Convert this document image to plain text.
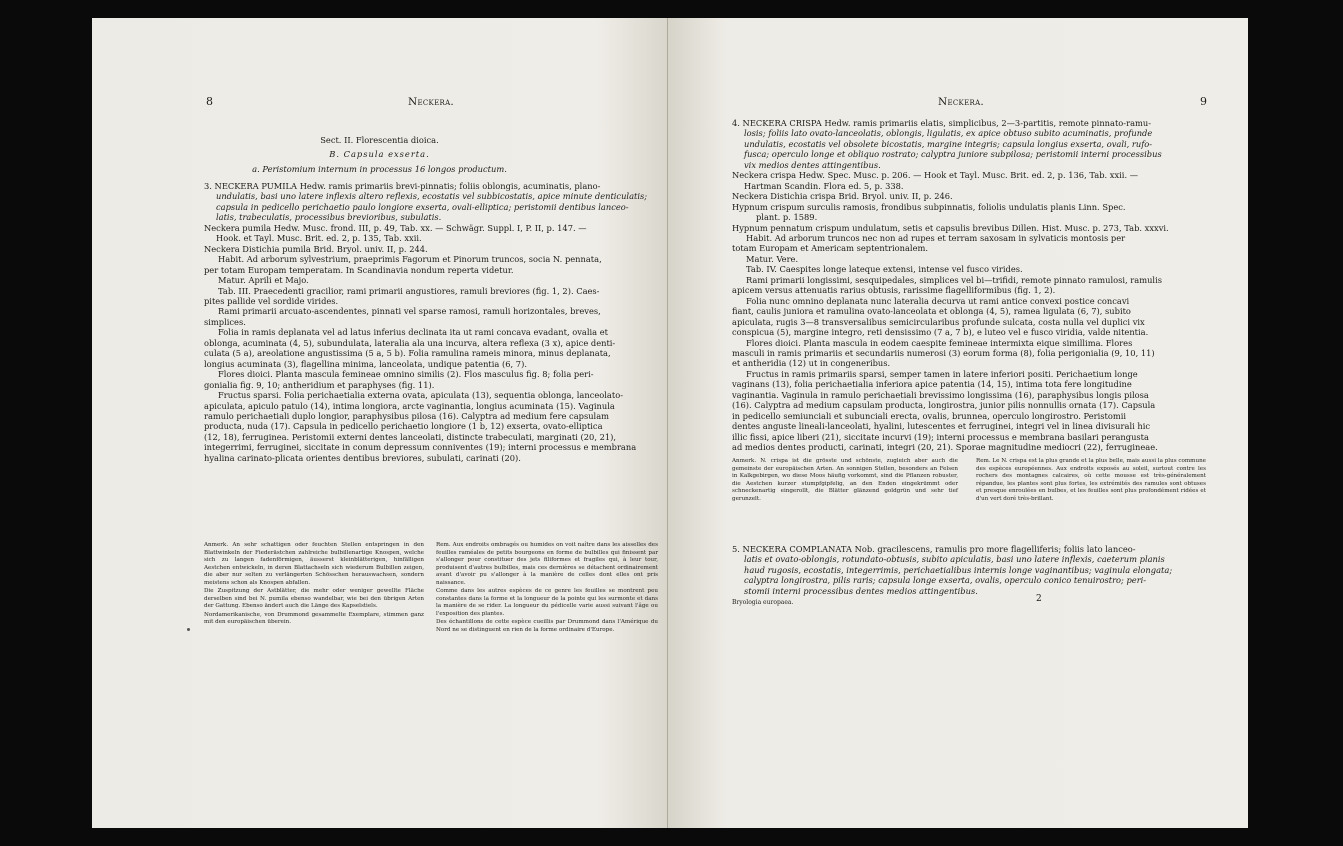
8	Neckera.
Sect. II. Florescentia dioica.
B. Capsula exserta.
a. Peristomium internum in processus 16 longos productum.

3. NECKERA PUMILA Hedw. ramis primariis brevi-pinnatis; foliis oblongis, acuminatis, plano-

undulatis, basi uno latere inflexis altero reflexis, ecostatis vel subbicostatis, apice minute denticulatis;

capsula in pedicello perichaetio paulo longiore exserta, ovali-elliptica; peristomii dentibus lanceo-

latis, trabeculatis, processibus brevioribus, subulatis.

Neckera pumila Hedw. Musc. frond. III, p. 49, Tab. xx. — Schwägr. Suppl. I, P. II, p. 147. —

Hook. et Tayl. Musc. Brit. ed. 2, p. 135, Tab. xxii.

Neckera Distichia pumila Brid. Bryol. univ. II, p. 244.

Habit. Ad arborum sylvestrium, praeprimis Fagorum et Pinorum truncos, socia N. pennata,

per totam Europam temperatam. In Scandinavia nondum reperta videtur.

Matur. Aprili et Majo.

Tab. III. Praecedenti gracilior, rami primarii angustiores, ramuli breviores (fig. 1, 2). Caes-

pites pallide vel sordide virides.

Rami primarii arcuato-ascendentes, pinnati vel sparse ramosi, ramuli horizontales, breves,

simplices.

Folia in ramis deplanata vel ad latus inferius declinata ita ut rami concava evadant, ovalia et

oblonga, acuminata (4, 5), subundulata, lateralia ala una incurva, altera reflexa (3 x), apice denti-

culata (5 a), areolatione angustissima (5 a, 5 b). Folia ramulina rameis minora, minus deplanata,

longius acuminata (3), flagellina minima, lanceolata, undique patentia (6, 7).

Flores dioici. Planta mascula femineae omnino similis (2). Flos masculus fig. 8; folia peri-

gonialia fig. 9, 10; antheridium et paraphyses (fig. 11).

Fructus sparsi. Folia perichaetialia externa ovata, apiculata (13), sequentia oblonga, lanceolato-

apiculata, apiculo patulo (14), intima longiora, arcte vaginantia, longius acuminata (15). Vaginula

ramulo perichaetiali duplo longior, paraphysibus pilosa (16). Calyptra ad medium fere capsulam

producta, nuda (17). Capsula in pedicello perichaetio longiore (1 b, 12) exserta, ovato-elliptica

(12, 18), ferruginea. Peristomii externi dentes lanceolati, distincte trabeculati, marginati (20, 21),

integerrimi, ferruginei, siccitate in conum depressum conniventes (19); interni processus e membrana

hyalina carinato-plicata orientes dentibus breviores, subulati, carinati (20).

Anmerk. An sehr schattigen oder feuchten Stellen entspringen in den Blattwinkeln der Fiederästchen zahlreiche bulbillenartige Knospen, welche sich zu langen fadenförmigen, äusserst kleinblätterigen, hinfälligen Aestchen entwickeln, in deren Blattachseln sich wiederum Bulbillen zeigen, die aber nur selten zu verlängerten Schösschen herauswachsen, sondern meistens schon als Knospen abfallen.

Die Zuspitzung der Astblätter, die mehr oder weniger gewellte Fläche derselben sind bei N. pumila ebenso wandelbar, wie bei den übrigen Arten der Gattung. Ebenso ändert auch die Länge des Kapselstiels.

Nordamerikanische, von Drummond gesammelte Exemplare, stimmen ganz mit den europäischen überein.

Rem. Aux endroits ombragés ou humides on voit naître dans les aisselles des feuilles raméales de petits bourgeons en forme de bulbilles qui finissent par s'allonger pour constituer des jets filiformes et fragiles qui, à leur tour, produisent d'autres bulbilles, mais ces dernières se détachent ordinairement avant d'avoir pu s'allonger à la manière de celles dont elles ont pris naissance.

Comme dans les autres espèces de ce genre les feuilles se montrent peu constantes dans la forme et la longueur de la pointe qui les surmonte et dans la manière de se rider. La longueur du pédicelle varie aussi suivant l'âge ou l'exposition des plantes.

Des échantillons de cette espèce cueillis par Drummond dans l'Amérique du Nord ne se distinguent en rien de la forme ordinaire d'Europe.

9
Neckera.

4. NECKERA CRISPA Hedw. ramis primariis elatis, simplicibus, 2—3-partitis, remote pinnato-ramu-

losis; foliis lato ovato-lanceolatis, oblongis, ligulatis, ex apice obtuso subito acuminatis, profunde

undulatis, ecostatis vel obsolete bicostatis, margine integris; capsula longius exserta, ovali, rufo-

fusca; operculo longe et obliquo rostrato; calyptra juniore subpilosa; peristomii interni processibus

vix medios dentes attingentibus.

Neckera crispa Hedw. Spec. Musc. p. 206. — Hook et Tayl. Musc. Brit. ed. 2, p. 136, Tab. xxii. —

Hartman Scandin. Flora ed. 5, p. 338.

Neckera Distichia crispa Brid. Bryol. univ. II, p. 246.

Hypnum crispum surculis ramosis, frondibus subpinnatis, foliolis undulatis planis Linn. Spec.

plant. p. 1589.

Hypnum pennatum crispum undulatum, setis et capsulis brevibus Dillen. Hist. Musc. p. 273, Tab. xxxvi.

Habit. Ad arborum truncos nec non ad rupes et terram saxosam in sylvaticis montosis per

totam Europam et Americam septentrionalem.

Matur. Vere.

Tab. IV. Caespites longe lateque extensi, intense vel fusco virides.

Rami primarii longissimi, sesquipedales, simplices vel bi—trifidi, remote pinnato ramulosi, ramulis

apicem versus attenuatis rarius obtusis, rarissime flagelliformibus (fig. 1, 2).

Folia nunc omnino deplanata nunc lateralia decurva ut rami antice convexi postice concavi

fiant, caulis juniora et ramulina ovato-lanceolata et oblonga (4, 5), ramea ligulata (6, 7), subito

apiculata, rugis 3—8 transversalibus semicircularibus profunde sulcata, costa nulla vel duplici vix

conspicua (5), margine integro, reti densissimo (7 a, 7 b), e luteo vel e fusco viridia, valde nitentia.

Flores dioici. Planta mascula in eodem caespite femineae intermixta eique simillima. Flores

masculi in ramis primariis et secundariis numerosi (3) eorum forma (8), folia perigonialia (9, 10, 11)

et antheridia (12) ut in congeneribus.

Fructus in ramis primariis sparsi, semper tamen in latere inferiori positi. Perichaetium longe

vaginans (13), folia perichaetialia inferiora apice patentia (14, 15), intima tota fere longitudine

vaginantia. Vaginula in ramulo perichaetiali brevissimo longissima (16), paraphysibus longis pilosa

(16). Calyptra ad medium capsulam producta, longirostra, junior pilis nonnullis ornata (17). Capsula

in pedicello semiunciali et subunciali erecta, ovalis, brunnea, operculo longirostro. Peristomii

dentes anguste lineali-lanceolati, hyalini, lutescentes et ferruginei, integri vel in linea divisurali hic

illic fissi, apice liberi (21), siccitate incurvi (19); interni processus e membrana basilari perangusta

ad medios dentes producti, carinati, integri (20, 21). Sporae magnitudine mediocri (22), ferrugineae.

Anmerk. N. crispa ist die grösste und schönste, zugleich aber auch die gemeinste der europäischen Arten. An sonnigen Stellen, besonders an Felsen in Kalkgebirgen, wo diese Moos häufig vorkommt, sind die Pflanzen robuster, die Aestchen kurzer stumpfgipfelig, an den Enden eingekrümmt oder schneckenartig eingerollt, die Blätter glänzend goldgrün und sehr tief gerunzelt.

Rem. Le N. crispa est la plus grande et la plus belle, mais aussi la plus commune des espèces européennes. Aux endroits exposés au soleil, surtout contre les rochers des montagnes calcaires, où cette mousse est très-généralement répandue, les plantes sont plus fortes, les extrémités des ramules sont obtuses et presque enroulées en bulbes, et les feuilles sont plus profondément ridées et d'un vert doré très-brillant.

5. NECKERA COMPLANATA Nob. gracilescens, ramulis pro more flagelliferis; foliis lato lanceo-

latis et ovato-oblongis, rotundato-obtusis, subito apiculatis, basi uno latere inflexis, caeterum planis

haud rugosis, ecostatis, integerrimis, perichaetialibus internis longe vaginantibus; vaginula elongata;

calyptra longirostra, pilis raris; capsula longe exserta, ovalis, operculo conico tenuirostro; peri-

stomii interni processibus dentes medios attingentibus.

Bryologia europaea.	2
